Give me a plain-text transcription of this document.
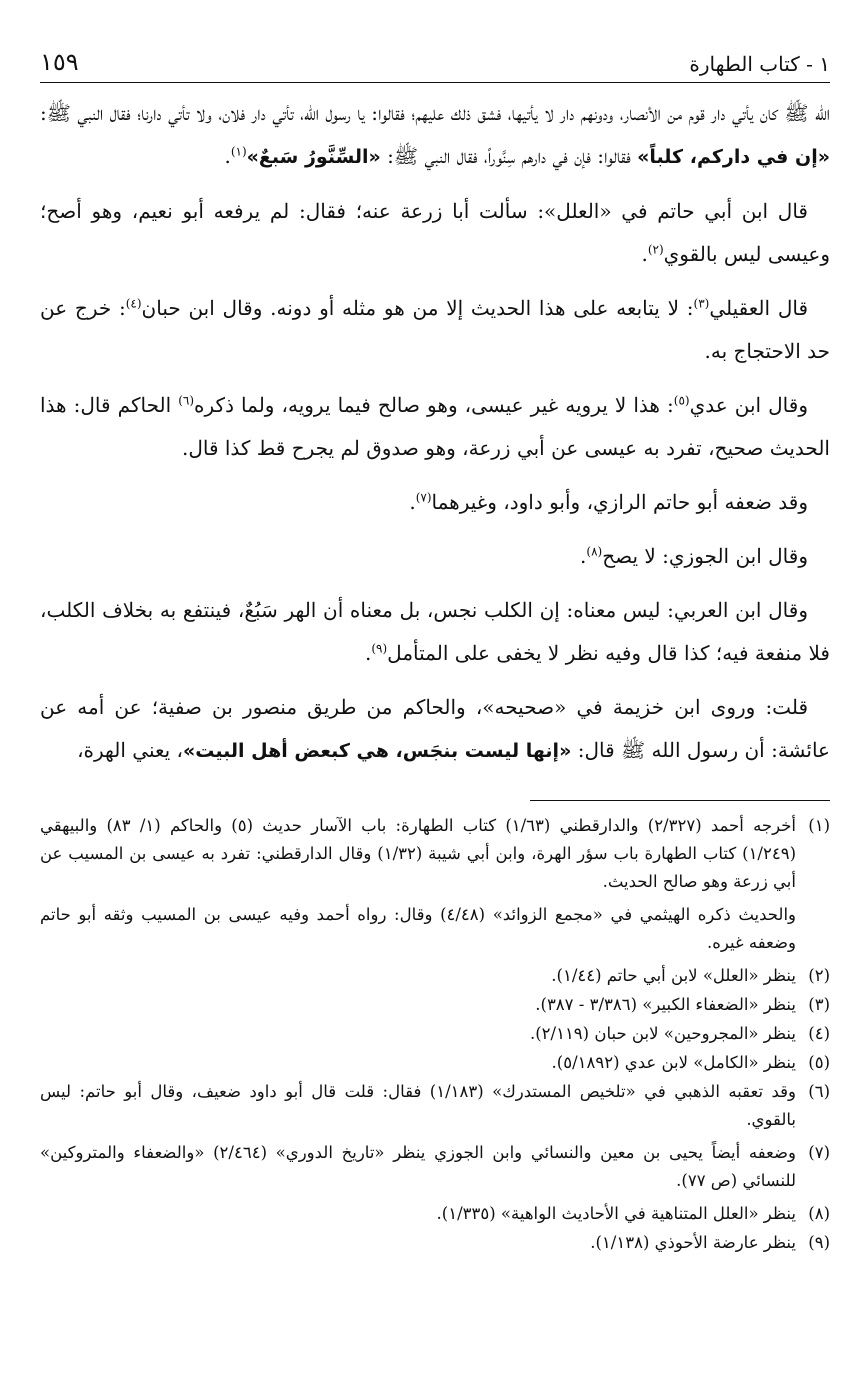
١ - كتاب الطهارة
١٥٩

الله ﷺ كان يأتي دار قوم من الأنصار، ودونهم دار لا يأتيها، فشق ذلك عليهم؛ فقالوا: يا رسول الله، تأتي دار فلان، ولا تأتي دارنا؛ فقال النبي ﷺ: «إن في داركم، كلباً» فقالوا: فإن في دارهم سِنَّوراً، فقال النبي ﷺ: «السِّنَّورُ سَبعٌ»$^{(١)}$.

قال ابن أبي حاتم في «العلل»: سألت أبا زرعة عنه؛ فقال: لم يرفعه أبو نعيم، وهو أصح؛ وعيسى ليس بالقوي$^{(٢)}$.

قال العقيلي$^{(٣)}$: لا يتابعه على هذا الحديث إلا من هو مثله أو دونه. وقال ابن حبان$^{(٤)}$: خرج عن حد الاحتجاج به.

وقال ابن عدي$^{(٥)}$: هذا لا يرويه غير عيسى، وهو صالح فيما يرويه، ولما ذكره$^{(٦)}$ الحاكم قال: هذا الحديث صحيح، تفرد به عيسى عن أبي زرعة، وهو صدوق لم يجرح قط كذا قال.

وقد ضعفه أبو حاتم الرازي، وأبو داود، وغيرهما$^{(٧)}$.

وقال ابن الجوزي: لا يصح$^{(٨)}$.

وقال ابن العربي: ليس معناه: إن الكلب نجس، بل معناه أن الهر سَبُعٌ، فينتفع به بخلاف الكلب، فلا منفعة فيه؛ كذا قال وفيه نظر لا يخفى على المتأمل$^{(٩)}$.

قلت: وروى ابن خزيمة في «صحيحه»، والحاكم من طريق منصور بن صفية؛ عن أمه عن عائشة: أن رسول الله ﷺ قال: «إنها ليست بنجَس، هي كبعض أهل البيت»، يعني الهرة،

(١)
أخرجه أحمد (٢/٣٢٧) والدارقطني (١/٦٣) كتاب الطهارة: باب الآسار حديث (٥) والحاكم (١/ ٨٣) والبيهقي (١/٢٤٩) كتاب الطهارة باب سؤر الهرة، وابن أبي شيبة (١/٣٢) وقال الدارقطني: تفرد به عيسى بن المسيب عن أبي زرعة وهو صالح الحديث.
والحديث ذكره الهيثمي في «مجمع الزوائد» (٤/٤٨) وقال: رواه أحمد وفيه عيسى بن المسيب وثقه أبو حاتم وضعفه غيره.
(٢)
ينظر «العلل» لابن أبي حاتم (١/٤٤).
(٣)
ينظر «الضعفاء الكبير» (٣/٣٨٦ - ٣٨٧).
(٤)
ينظر «المجروحين» لابن حبان (٢/١١٩).
(٥)
ينظر «الكامل» لابن عدي (٥/١٨٩٢).
(٦)
وقد تعقبه الذهبي في «تلخيص المستدرك» (١/١٨٣) فقال: قلت قال أبو داود ضعيف، وقال أبو حاتم: ليس بالقوي.
(٧)
وضعفه أيضاً يحيى بن معين والنسائي وابن الجوزي ينظر «تاريخ الدوري» (٢/٤٦٤) «والضعفاء والمتروكين» للنسائي (ص ٧٧).
(٨)
ينظر «العلل المتناهية في الأحاديث الواهية» (١/٣٣٥).
(٩)
ينظر عارضة الأحوذي (١/١٣٨).
